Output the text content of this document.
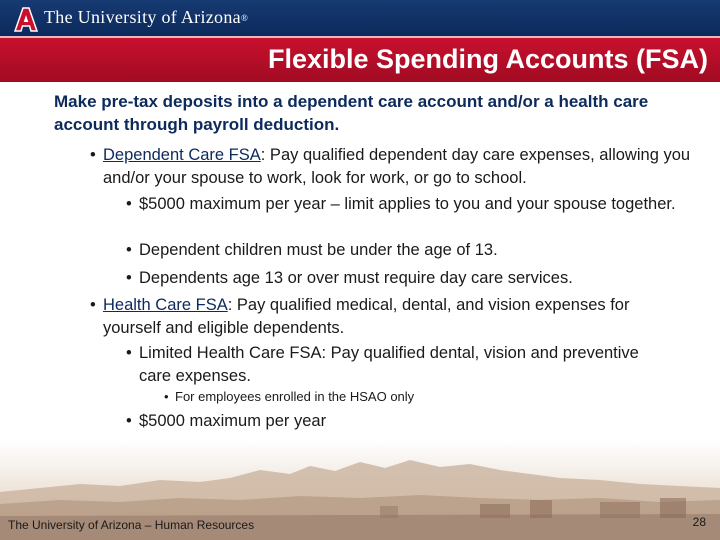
The University of Arizona®
Flexible Spending Accounts (FSA)
Make pre-tax deposits into a dependent care account and/or a health care account through payroll deduction.
• Dependent Care FSA: Pay qualified dependent day care expenses, allowing you and/or your spouse to work, look for work, or go to school.
• $5000 maximum per year – limit applies to you and your spouse together.
• Dependent children must be under the age of 13.
• Dependents age 13 or over must require day care services.
• Health Care FSA: Pay qualified medical, dental, and vision expenses for yourself and eligible dependents.
• Limited Health Care FSA: Pay qualified dental, vision and preventive care expenses.
• For employees enrolled in the HSAO only
• $5000 maximum per year
The University of Arizona – Human Resources	28
